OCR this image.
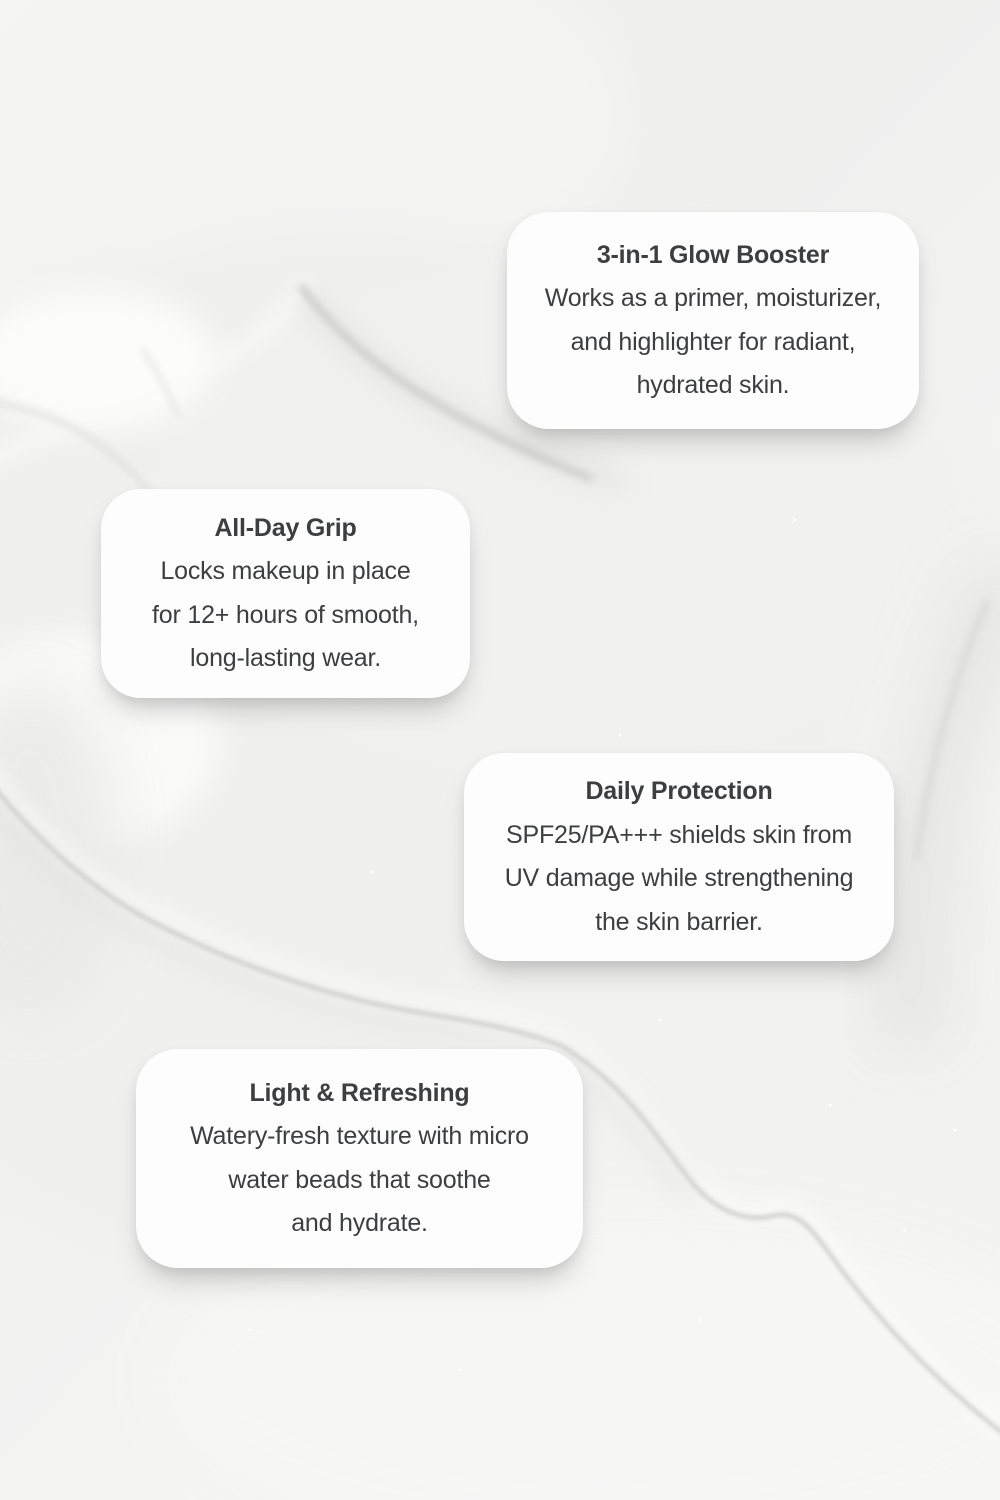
3-in-1 Glow Booster
Works as a primer, moisturizer,
and highlighter for radiant,
hydrated skin.
All-Day Grip
Locks makeup in place
for 12+ hours of smooth,
long-lasting wear.
Daily Protection
SPF25/PA+++ shields skin from
UV damage while strengthening
the skin barrier.
Light & Refreshing
Watery-fresh texture with micro
water beads that soothe
and hydrate.
